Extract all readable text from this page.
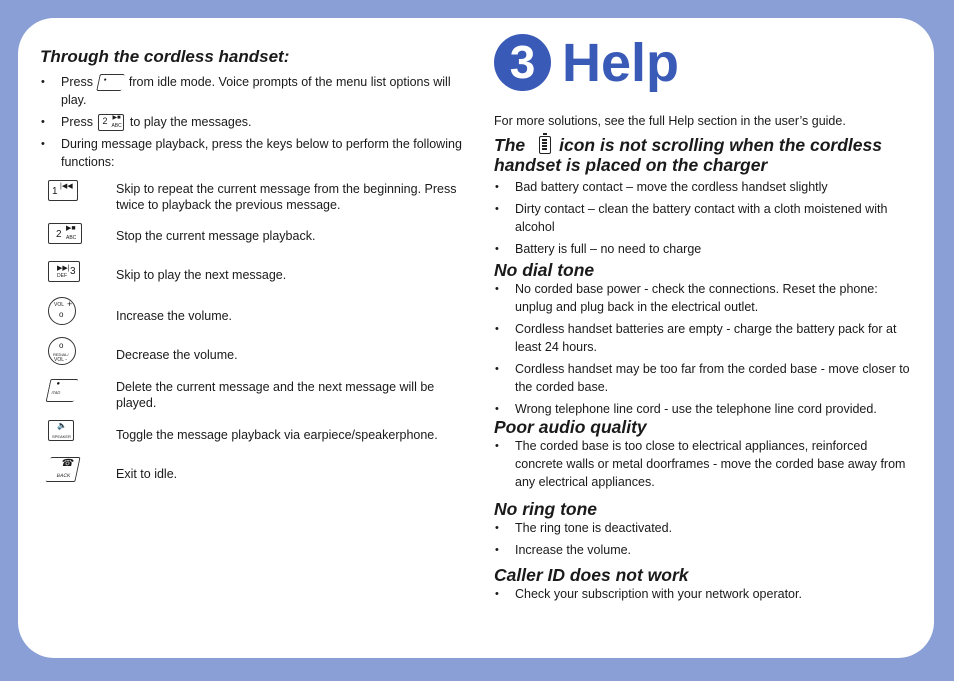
Through the cordless handset:
• Press ● from idle mode. Voice prompts of the menu list options will play.
• Press 2 ▶■
ABC to play the messages.
• During message playback, press the keys below to perform the following functions:
1 |◀◀	Skip to repeat the current message from the beginning. Press twice to playback the previous message.
2
▶■
ABC	Stop the current message playback.
▶▶| 3
DEF	Skip to play the next message.
VOL +
o	Increase the volume.
o
REDIAL/
VOL -	Decrease the volume.
●
ITAD	Delete the current message and the next message will be played.
🔈
SPEAKER	Toggle the message playback via earpiece/speakerphone.
☎
BACK	Exit to idle.
3 Help
For more solutions, see the full Help section in the user’s guide.
The icon is not scrolling when the cordless handset is placed on the charger
• Bad battery contact – move the cordless handset slightly
• Dirty contact – clean the battery contact with a cloth moistened with alcohol
• Battery is full – no need to charge
No dial tone
• No corded base power - check the connections. Reset the phone: unplug and plug back in the electrical outlet.
• Cordless handset batteries are empty - charge the battery pack for at least 24 hours.
• Cordless handset may be too far from the corded base - move closer to the corded base.
• Wrong telephone line cord - use the telephone line cord provided.
Poor audio quality
• The corded base is too close to electrical appliances, reinforced concrete walls or metal doorframes - move the corded base away from any electrical appliances.
No ring tone
• The ring tone is deactivated.
• Increase the volume.
Caller ID does not work
• Check your subscription with your network operator.
